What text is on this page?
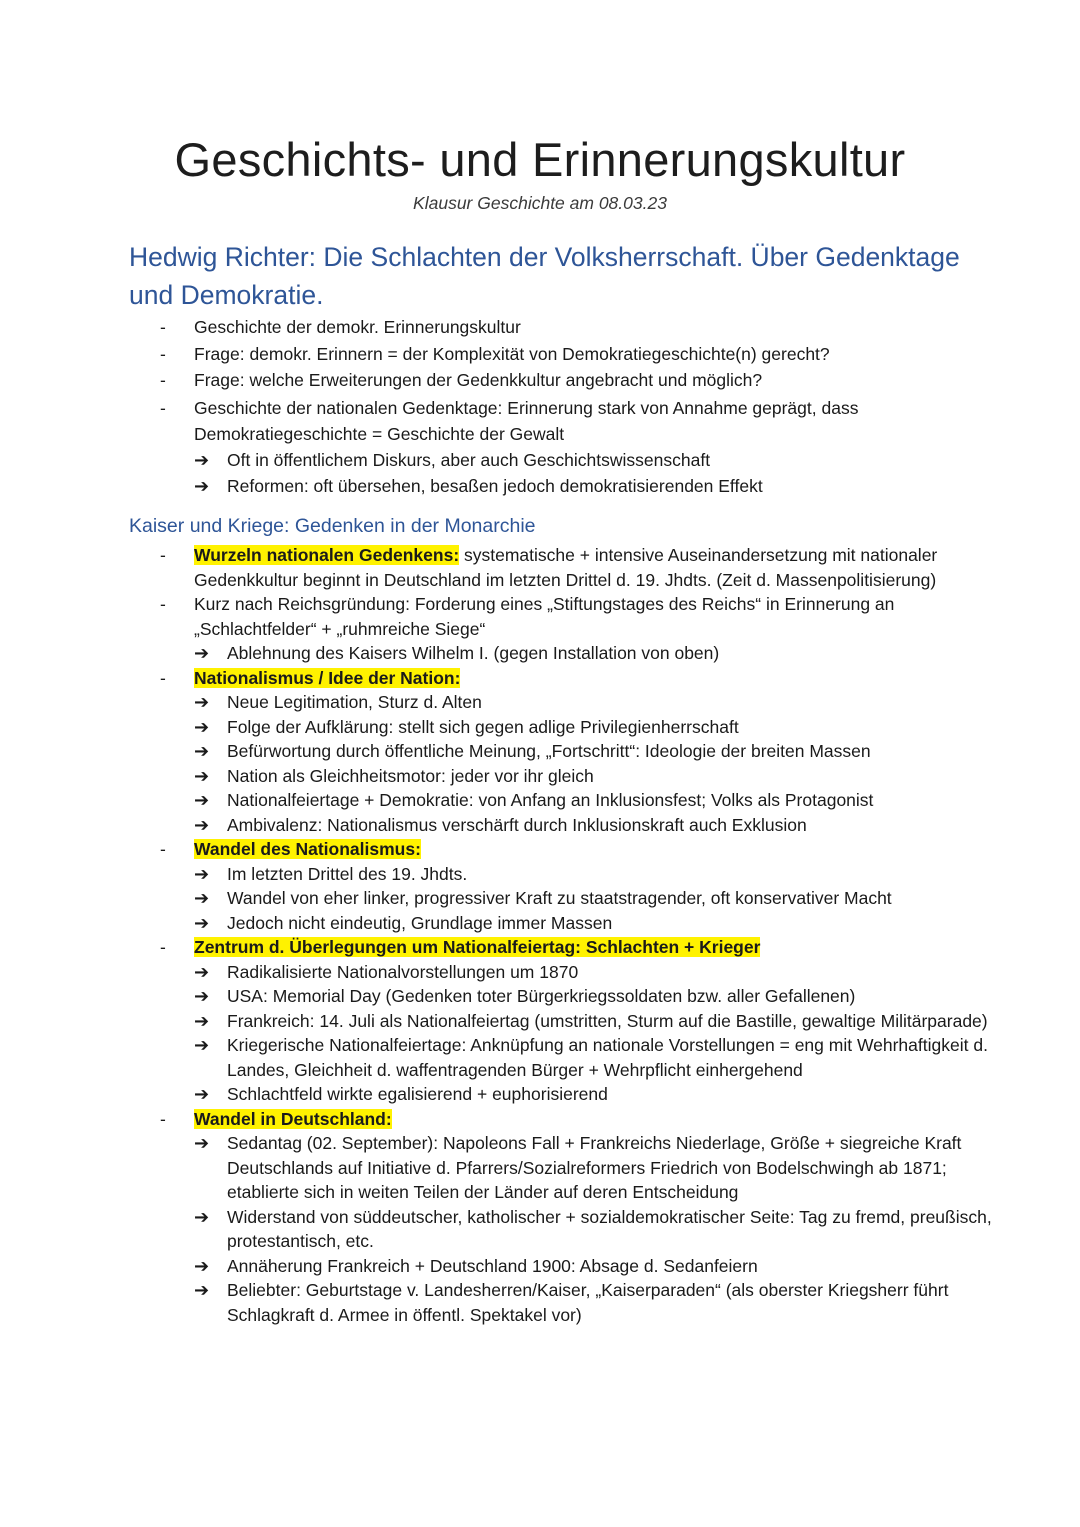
Geschichts- und Erinnerungskultur
Klausur Geschichte am 08.03.23
Hedwig Richter: Die Schlachten der Volksherrschaft. Über Gedenktage und Demokratie.
- Geschichte der demokr. Erinnerungskultur
- Frage: demokr. Erinnern = der Komplexität von Demokratiegeschichte(n) gerecht?
- Frage: welche Erweiterungen der Gedenkkultur angebracht und möglich?
- Geschichte der nationalen Gedenktage: Erinnerung stark von Annahme geprägt, dass Demokratiegeschichte = Geschichte der Gewalt
➔ Oft in öffentlichem Diskurs, aber auch Geschichtswissenschaft
➔ Reformen: oft übersehen, besaßen jedoch demokratisierenden Effekt
Kaiser und Kriege: Gedenken in der Monarchie
- Wurzeln nationalen Gedenkens: systematische + intensive Auseinandersetzung mit nationaler Gedenkkultur beginnt in Deutschland im letzten Drittel d. 19. Jhdts. (Zeit d. Massenpolitisierung)
- Kurz nach Reichsgründung: Forderung eines „Stiftungstages des Reichs“ in Erinnerung an „Schlachtfelder“ + „ruhmreiche Siege“
➔ Ablehnung des Kaisers Wilhelm I. (gegen Installation von oben)
- Nationalismus / Idee der Nation:
➔ Neue Legitimation, Sturz d. Alten
➔ Folge der Aufklärung: stellt sich gegen adlige Privilegienherrschaft
➔ Befürwortung durch öffentliche Meinung, „Fortschritt“: Ideologie der breiten Massen
➔ Nation als Gleichheitsmotor: jeder vor ihr gleich
➔ Nationalfeiertage + Demokratie: von Anfang an Inklusionsfest; Volks als Protagonist
➔ Ambivalenz: Nationalismus verschärft durch Inklusionskraft auch Exklusion
- Wandel des Nationalismus:
➔ Im letzten Drittel des 19. Jhdts.
➔ Wandel von eher linker, progressiver Kraft zu staatstragender, oft konservativer Macht
➔ Jedoch nicht eindeutig, Grundlage immer Massen
- Zentrum d. Überlegungen um Nationalfeiertag: Schlachten + Krieger
➔ Radikalisierte Nationalvorstellungen um 1870
➔ USA: Memorial Day (Gedenken toter Bürgerkriegssoldaten bzw. aller Gefallenen)
➔ Frankreich: 14. Juli als Nationalfeiertag (umstritten, Sturm auf die Bastille, gewaltige Militärparade)
➔ Kriegerische Nationalfeiertage: Anknüpfung an nationale Vorstellungen = eng mit Wehrhaftigkeit d. Landes, Gleichheit d. waffentragenden Bürger + Wehrpflicht einhergehend
➔ Schlachtfeld wirkte egalisierend + euphorisierend
- Wandel in Deutschland:
➔ Sedantag (02. September): Napoleons Fall + Frankreichs Niederlage, Größe + siegreiche Kraft Deutschlands auf Initiative d. Pfarrers/Sozialreformers Friedrich von Bodelschwingh ab 1871; etablierte sich in weiten Teilen der Länder auf deren Entscheidung
➔ Widerstand von süddeutscher, katholischer + sozialdemokratischer Seite: Tag zu fremd, preußisch, protestantisch, etc.
➔ Annäherung Frankreich + Deutschland 1900: Absage d. Sedanfeiern
➔ Beliebter: Geburtstage v. Landesherren/Kaiser, „Kaiserparaden“ (als oberster Kriegsherr führt Schlagkraft d. Armee in öffentl. Spektakel vor)
